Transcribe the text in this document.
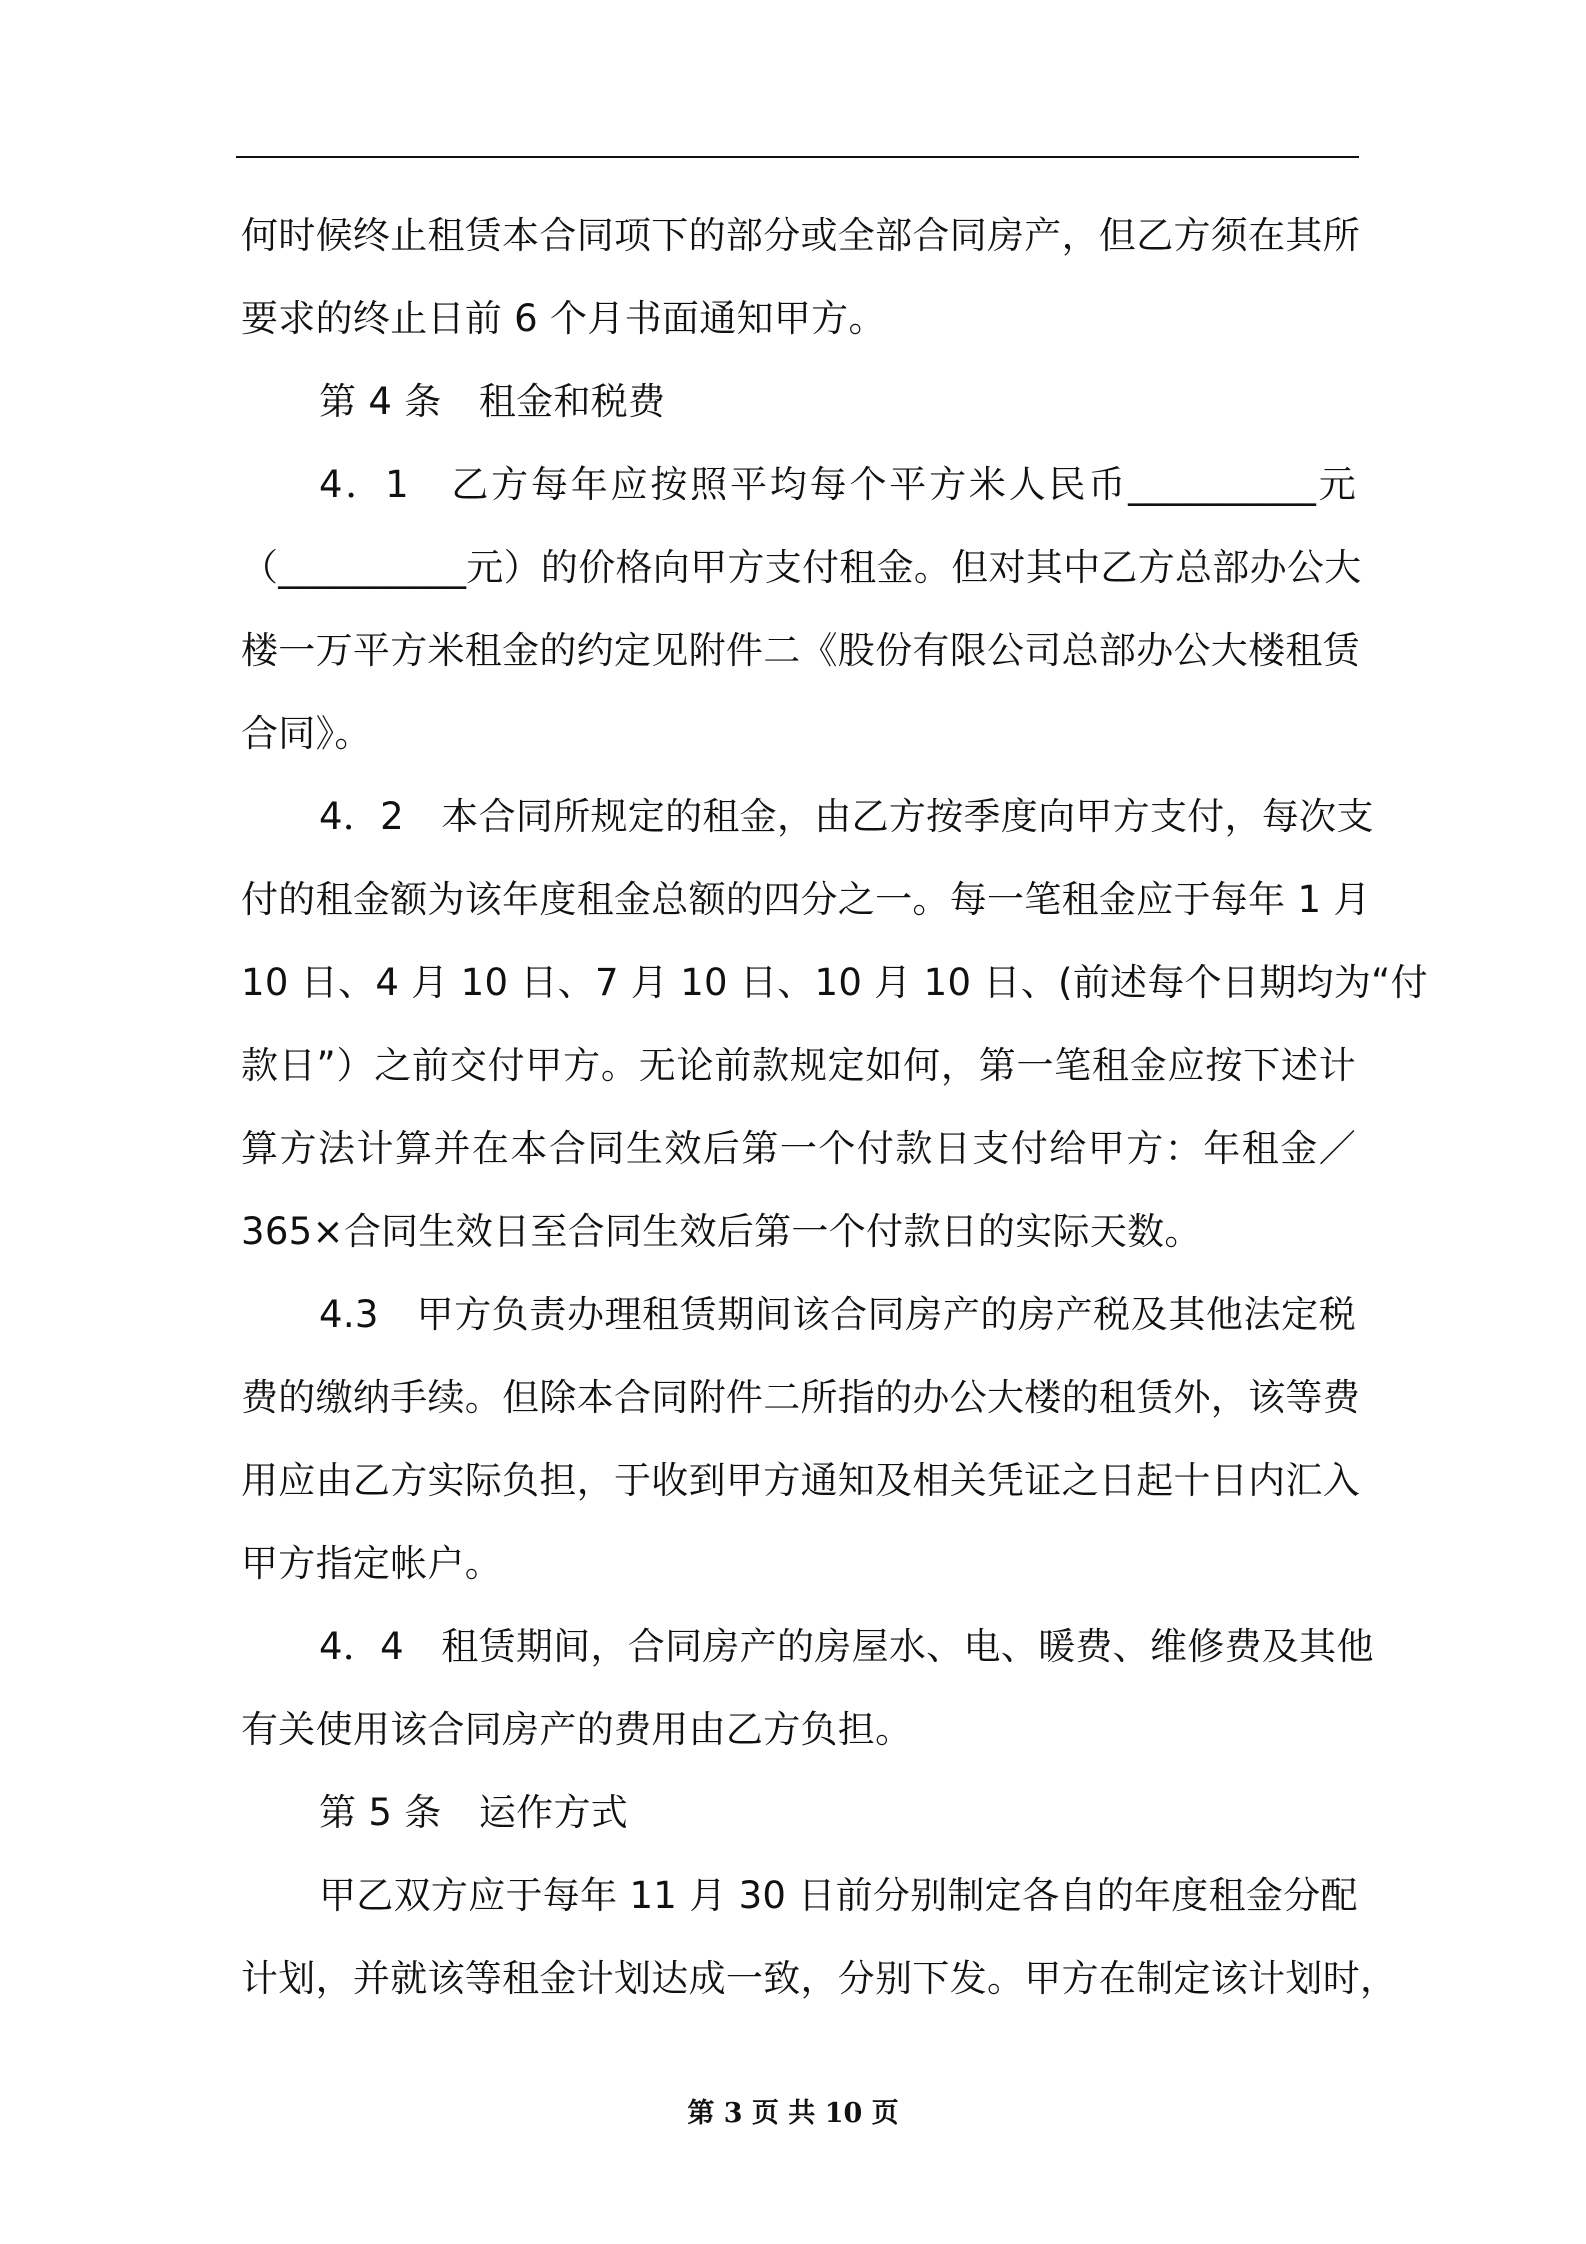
何时候终止租赁本合同项下的部分或全部合同房产，但乙方须在其所
要求的终止日前 6 个月书面通知甲方。
第 4 条　租金和税费
4．1　乙方每年应按照平均每个平方米人民币__________元
（__________元）的价格向甲方支付租金。但对其中乙方总部办公大
楼一万平方米租金的约定见附件二《股份有限公司总部办公大楼租赁
合同》。
4．2　本合同所规定的租金，由乙方按季度向甲方支付，每次支
付的租金额为该年度租金总额的四分之一。每一笔租金应于每年 1 月
10 日、4 月 10 日、7 月 10 日、10 月 10 日、(前述每个日期均为“付
款日”）之前交付甲方。无论前款规定如何，第一笔租金应按下述计
算方法计算并在本合同生效后第一个付款日支付给甲方：年租金／
365×合同生效日至合同生效后第一个付款日的实际天数。
4.3　甲方负责办理租赁期间该合同房产的房产税及其他法定税
费的缴纳手续。但除本合同附件二所指的办公大楼的租赁外，该等费
用应由乙方实际负担，于收到甲方通知及相关凭证之日起十日内汇入
甲方指定帐户。
4．4　租赁期间，合同房产的房屋水、电、暖费、维修费及其他
有关使用该合同房产的费用由乙方负担。
第 5 条　运作方式
甲乙双方应于每年 11 月 30 日前分别制定各自的年度租金分配
计划，并就该等租金计划达成一致，分别下发。甲方在制定该计划时，
第 3 页 共 10 页
